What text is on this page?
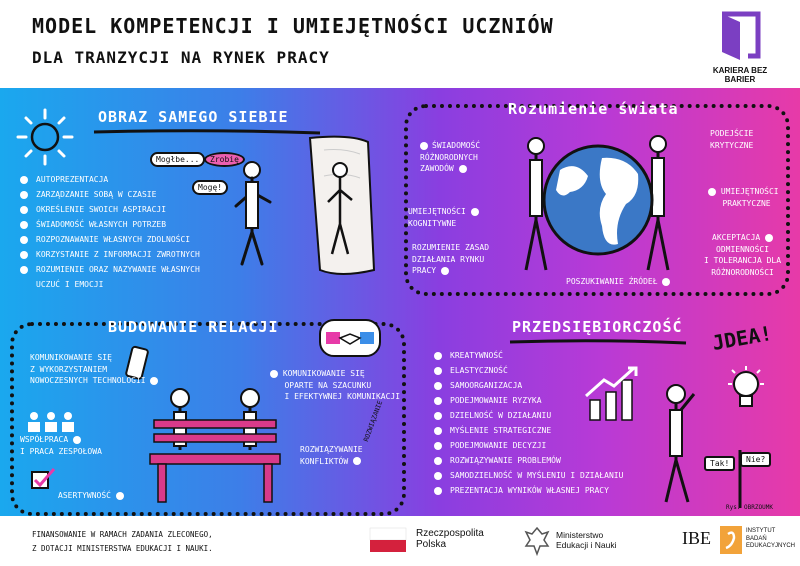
MODEL KOMPETENCJI I UMIEJĘTNOŚCI UCZNIÓW
DLA TRANZYCJI NA RYNEK PRACY
KARIERA BEZ BARIER
OBRAZ SAMEGO SIEBIE
AUTOPREZENTACJA
ZARZĄDZANIE SOBĄ W CZASIE
OKREŚLENIE SWOICH ASPIRACJI
ŚWIADOMOŚĆ WŁASNYCH POTRZEB
ROZPOZNAWANIE WŁASNYCH ZDOLNOŚCI
KORZYSTANIE Z INFORMACJI ZWROTNYCH
ROZUMIENIE ORAZ NAZYWANIE WŁASNYCH
UCZUĆ I EMOCJI
Mogłbe...	Zrobię
Mogę!
Rozumienie świata
ŚWIADOMOŚĆ
RÓŻNORODNYCH
ZAWODÓW
UMIEJĘTNOŚCI
KOGNITYWNE
ROZUMIENIE ZASAD
DZIAŁANIA RYNKU
PRACY
POSZUKIWANIE ŹRÓDEŁ
PODEJŚCIE
KRYTYCZNE
UMIEJĘTNOŚCI
PRAKTYCZNE
AKCEPTACJA
ODMIENNOŚCI
I TOLERANCJA DLA
RÓŻNORODNOŚCI
BUDOWANIE RELACJI
KOMUNIKOWANIE SIĘ
Z WYKORZYSTANIEM
NOWOCZESNYCH TECHNOLOGII
KOMUNIKOWANIE SIĘ
OPARTE NA SZACUNKU
I EFEKTYWNEJ KOMUNIKACJI
WSPÓŁPRACA
I PRACA ZESPOŁOWA	ROZWIĄZYWANIE
KONFLIKTÓW
ASERTYWNOŚĆ
ROZWIĄZANIE
PRZEDSIĘBIORCZOŚĆ JDEA!
KREATYWNOŚĆ
ELASTYCZNOŚĆ
SAMOORGANIZACJA
PODEJMOWANIE RYZYKA
DZIELNOŚĆ W DZIAŁANIU
MYŚLENIE STRATEGICZNE
PODEJMOWANIE DECYZJI
ROZWIĄZYWANIE PROBLEMÓW
SAMODZIELNOŚĆ W MYŚLENIU I DZIAŁANIU
PREZENTACJA WYNIKÓW WŁASNEJ PRACY
Tak!	Nie?
Rys. OBRZOUMK
FINANSOWANIE W RAMACH ZADANIA ZLECONEGO,
Z DOTACJI MINISTERSTWA EDUKACJI I NAUKI.
Rzeczpospolita
Polska
Ministerstwo
Edukacji i Nauki	IBE	INSTYTUT
BADAŃ
EDUKACYJNYCH
